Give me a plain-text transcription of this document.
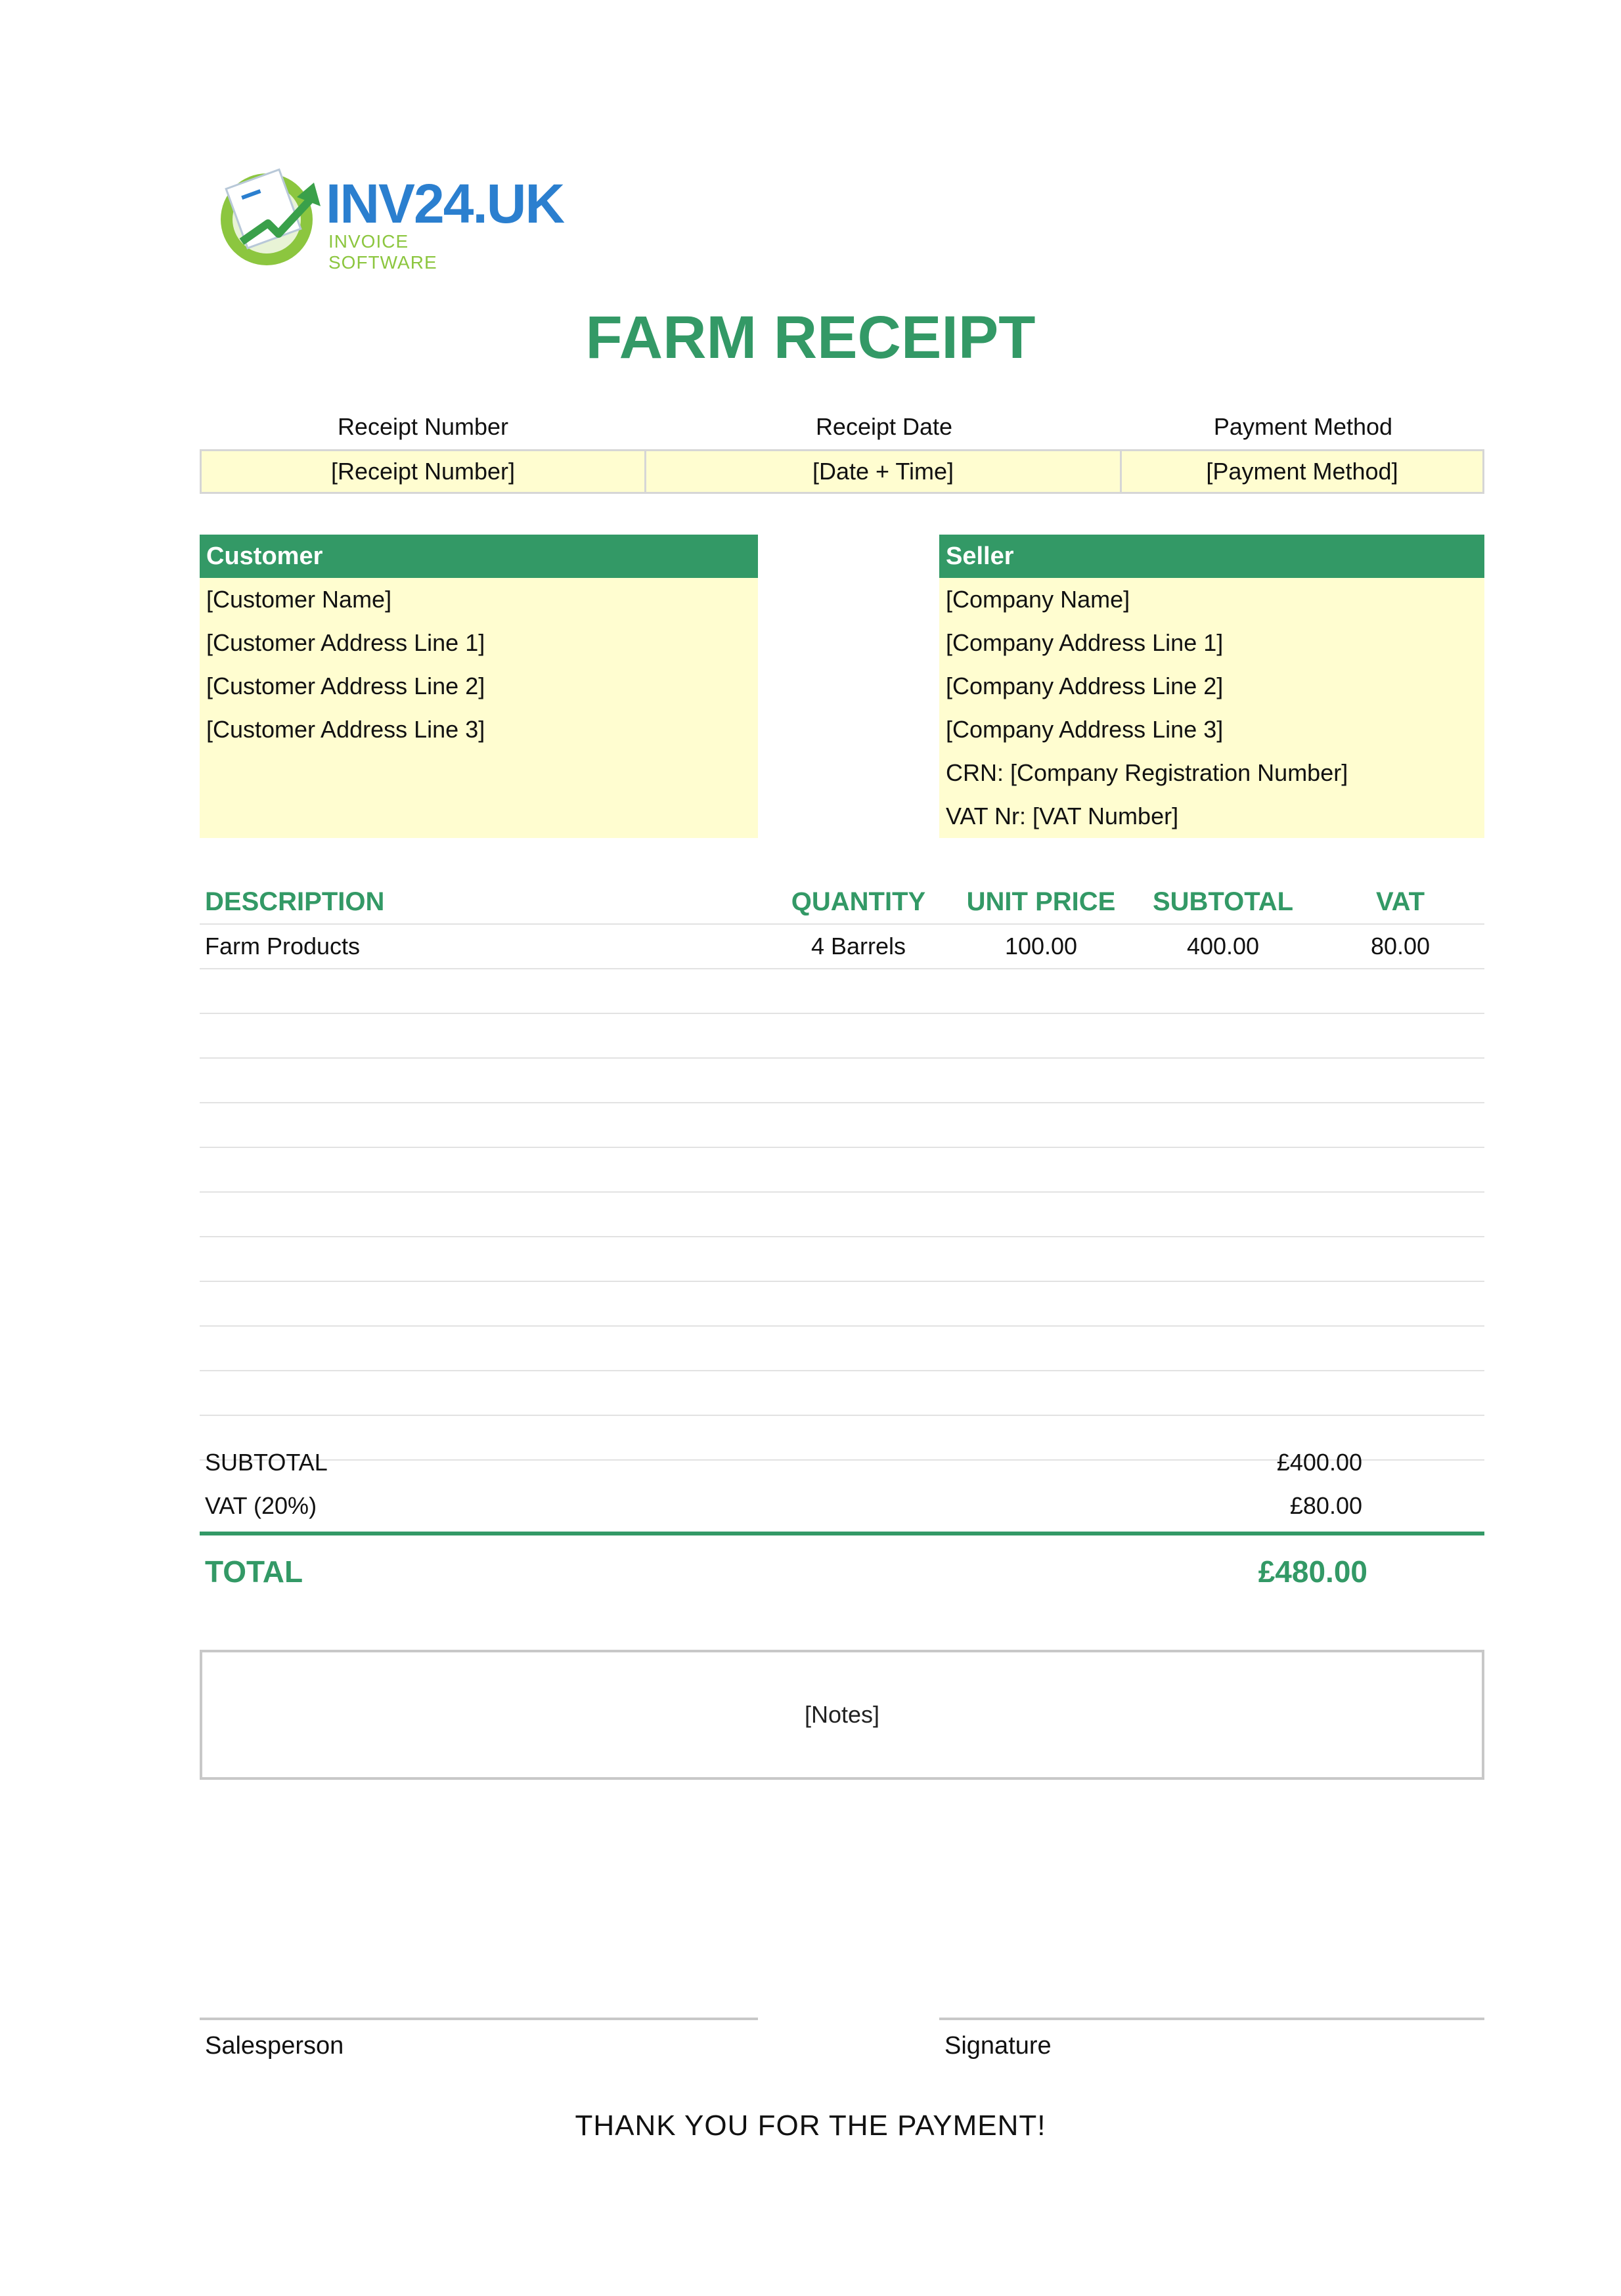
INV24.UK
INVOICE SOFTWARE
FARM RECEIPT
Receipt Number	Receipt Date	Payment Method
[Receipt Number]	[Date + Time]	[Payment Method]
Customer
[Customer Name]
[Customer Address Line 1]
[Customer Address Line 2]
[Customer Address Line 3]
Seller
[Company Name]
[Company Address Line 1]
[Company Address Line 2]
[Company Address Line 3]
CRN: [Company Registration Number]
VAT Nr: [VAT Number]
DESCRIPTION	QUANTITY	UNIT PRICE	SUBTOTAL	VAT
Farm Products	4 Barrels	100.00	400.00	80.00
SUBTOTAL	£400.00
VAT (20%)	£80.00
TOTAL	£480.00
[Notes]
Salesperson	Signature
THANK YOU FOR THE PAYMENT!
